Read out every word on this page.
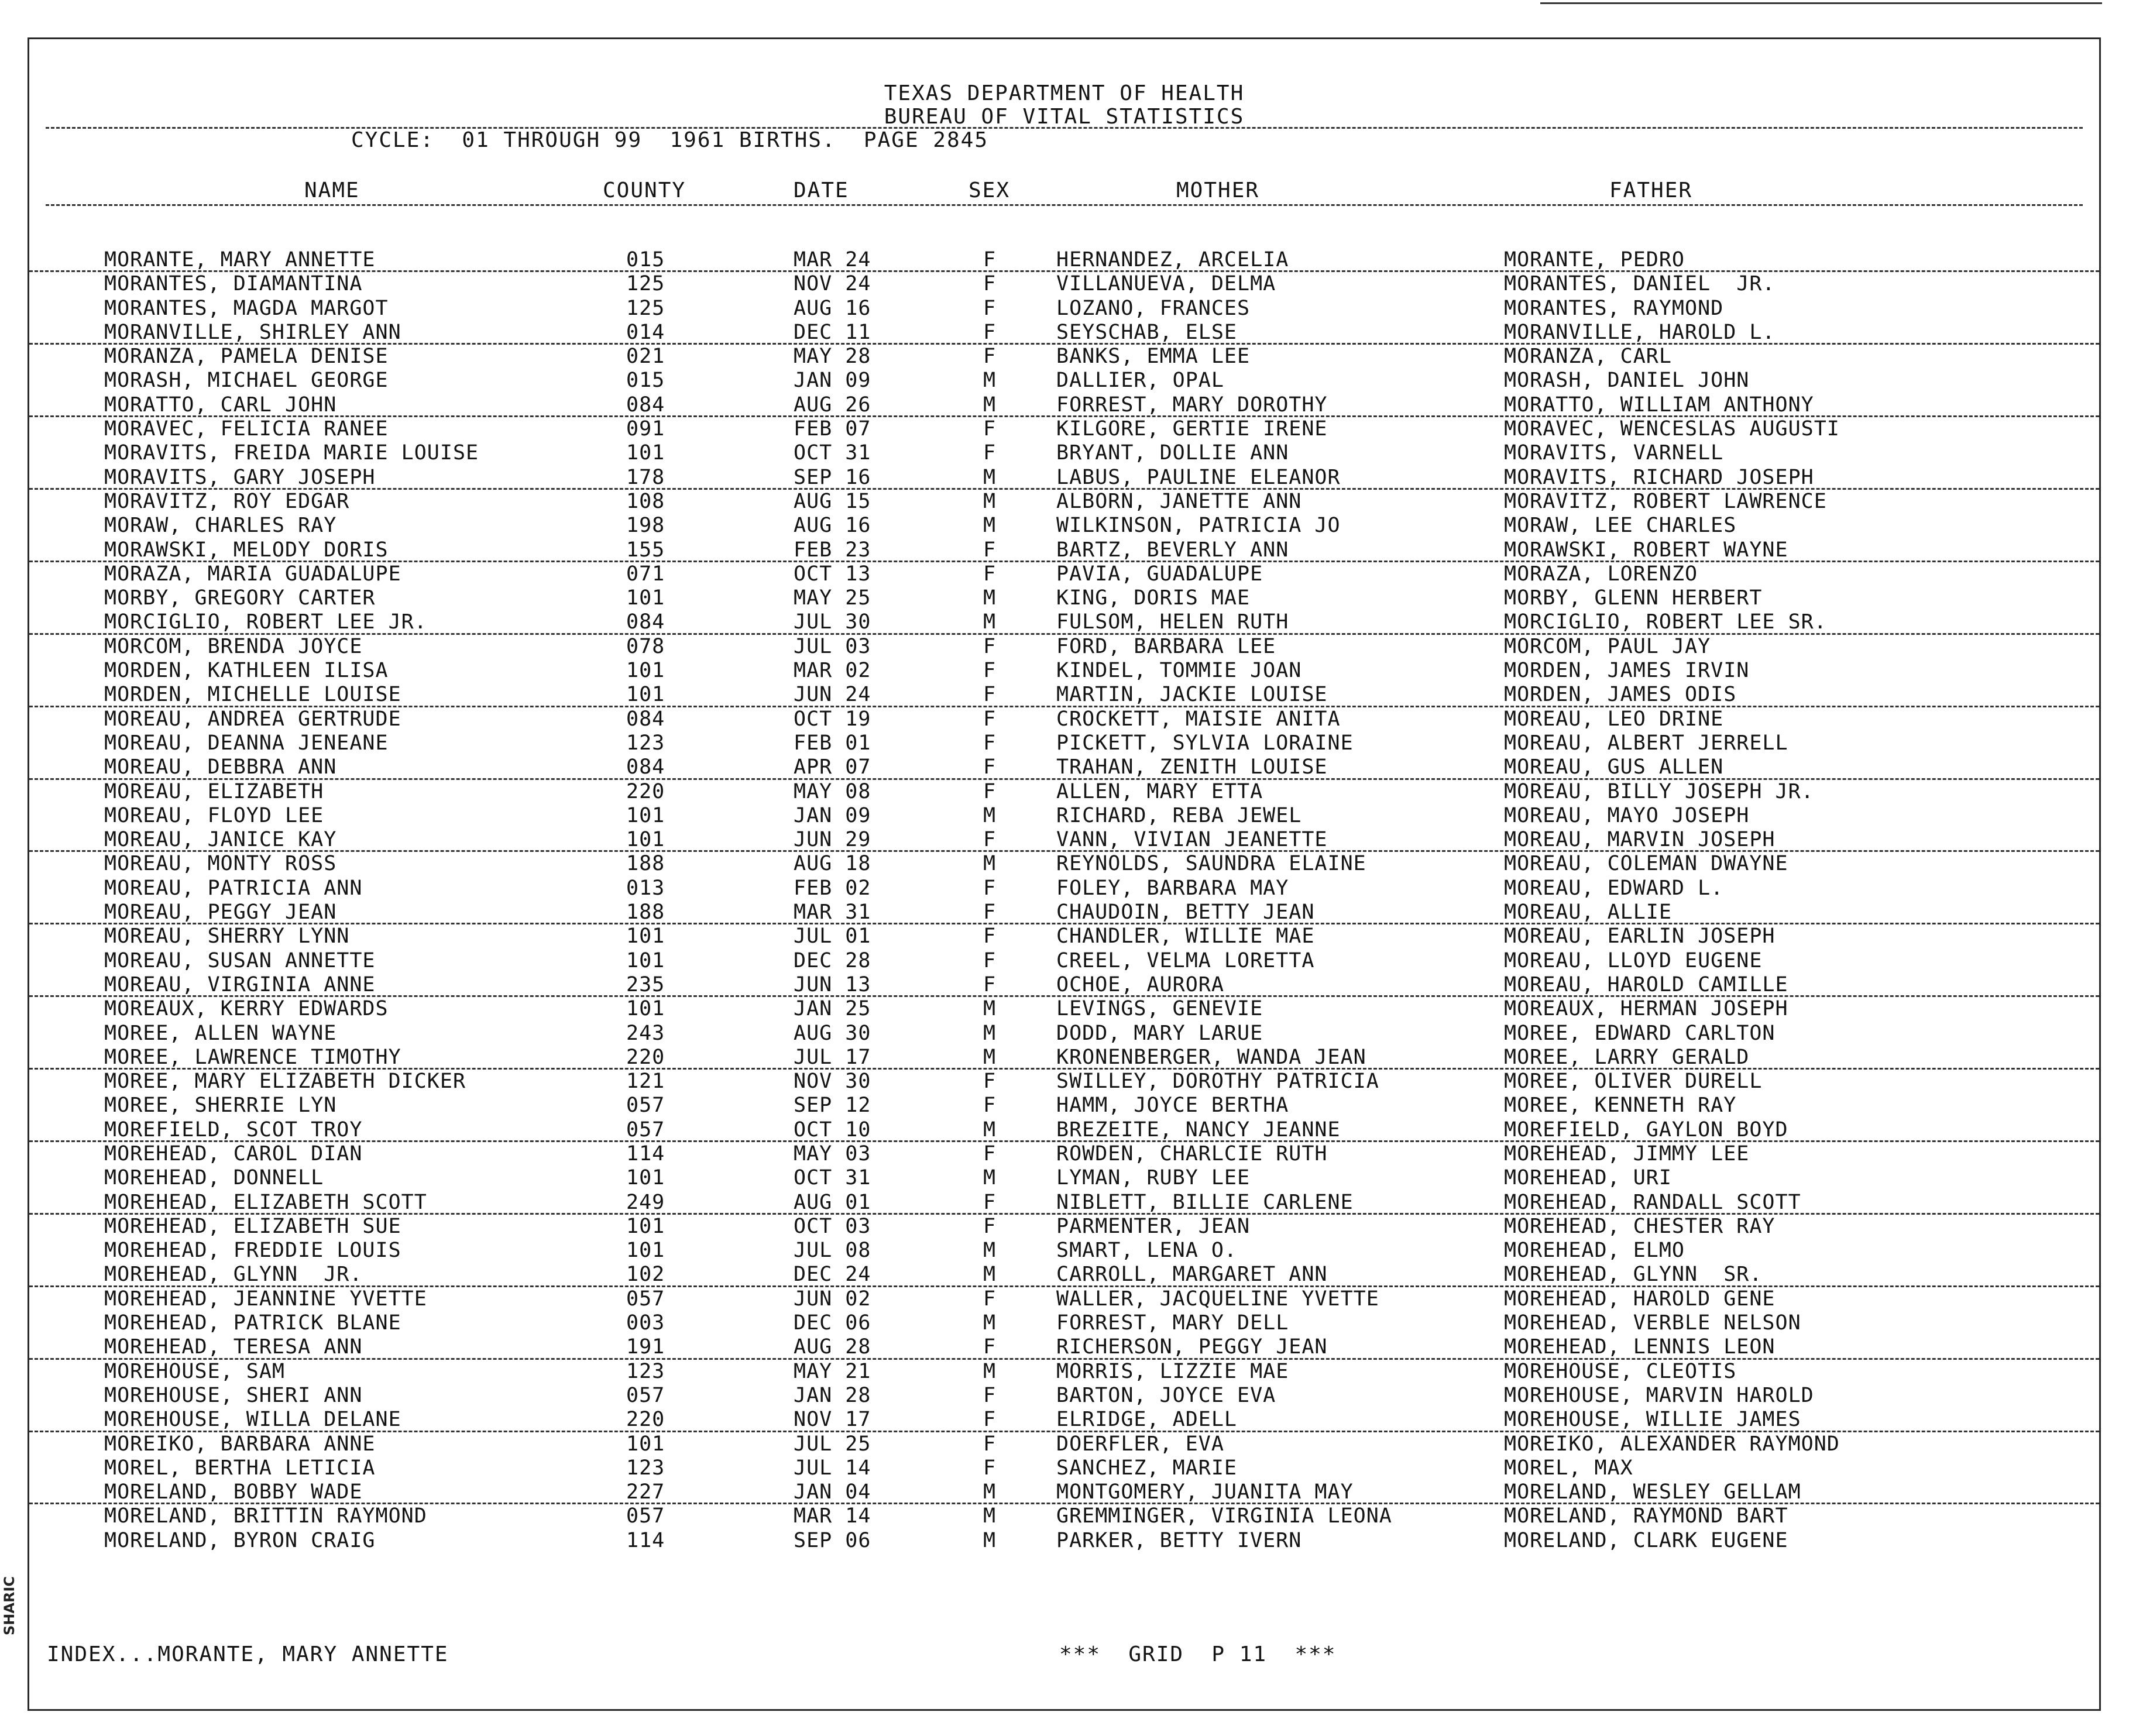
TEXAS DEPARTMENT OF HEALTH
BUREAU OF VITAL STATISTICS
CYCLE:  01 THROUGH 99  1961 BIRTHS.  PAGE 2845
NAME	COUNTY	DATE	SEX	MOTHER	FATHER
MORANTE, MARY ANNETTE	015	MAR 24	F	HERNANDEZ, ARCELIA	MORANTE, PEDRO
MORANTES, DIAMANTINA	125	NOV 24	F	VILLANUEVA, DELMA	MORANTES, DANIEL  JR.
MORANTES, MAGDA MARGOT	125	AUG 16	F	LOZANO, FRANCES	MORANTES, RAYMOND
MORANVILLE, SHIRLEY ANN	014	DEC 11	F	SEYSCHAB, ELSE	MORANVILLE, HAROLD L.
MORANZA, PAMELA DENISE	021	MAY 28	F	BANKS, EMMA LEE	MORANZA, CARL
MORASH, MICHAEL GEORGE	015	JAN 09	M	DALLIER, OPAL	MORASH, DANIEL JOHN
MORATTO, CARL JOHN	084	AUG 26	M	FORREST, MARY DOROTHY	MORATTO, WILLIAM ANTHONY
MORAVEC, FELICIA RANEE	091	FEB 07	F	KILGORE, GERTIE IRENE	MORAVEC, WENCESLAS AUGUSTI
MORAVITS, FREIDA MARIE LOUISE	101	OCT 31	F	BRYANT, DOLLIE ANN	MORAVITS, VARNELL
MORAVITS, GARY JOSEPH	178	SEP 16	M	LABUS, PAULINE ELEANOR	MORAVITS, RICHARD JOSEPH
MORAVITZ, ROY EDGAR	108	AUG 15	M	ALBORN, JANETTE ANN	MORAVITZ, ROBERT LAWRENCE
MORAW, CHARLES RAY	198	AUG 16	M	WILKINSON, PATRICIA JO	MORAW, LEE CHARLES
MORAWSKI, MELODY DORIS	155	FEB 23	F	BARTZ, BEVERLY ANN	MORAWSKI, ROBERT WAYNE
MORAZA, MARIA GUADALUPE	071	OCT 13	F	PAVIA, GUADALUPE	MORAZA, LORENZO
MORBY, GREGORY CARTER	101	MAY 25	M	KING, DORIS MAE	MORBY, GLENN HERBERT
MORCIGLIO, ROBERT LEE JR.	084	JUL 30	M	FULSOM, HELEN RUTH	MORCIGLIO, ROBERT LEE SR.
MORCOM, BRENDA JOYCE	078	JUL 03	F	FORD, BARBARA LEE	MORCOM, PAUL JAY
MORDEN, KATHLEEN ILISA	101	MAR 02	F	KINDEL, TOMMIE JOAN	MORDEN, JAMES IRVIN
MORDEN, MICHELLE LOUISE	101	JUN 24	F	MARTIN, JACKIE LOUISE	MORDEN, JAMES ODIS
MOREAU, ANDREA GERTRUDE	084	OCT 19	F	CROCKETT, MAISIE ANITA	MOREAU, LEO DRINE
MOREAU, DEANNA JENEANE	123	FEB 01	F	PICKETT, SYLVIA LORAINE	MOREAU, ALBERT JERRELL
MOREAU, DEBBRA ANN	084	APR 07	F	TRAHAN, ZENITH LOUISE	MOREAU, GUS ALLEN
MOREAU, ELIZABETH	220	MAY 08	F	ALLEN, MARY ETTA	MOREAU, BILLY JOSEPH JR.
MOREAU, FLOYD LEE	101	JAN 09	M	RICHARD, REBA JEWEL	MOREAU, MAYO JOSEPH
MOREAU, JANICE KAY	101	JUN 29	F	VANN, VIVIAN JEANETTE	MOREAU, MARVIN JOSEPH
MOREAU, MONTY ROSS	188	AUG 18	M	REYNOLDS, SAUNDRA ELAINE	MOREAU, COLEMAN DWAYNE
MOREAU, PATRICIA ANN	013	FEB 02	F	FOLEY, BARBARA MAY	MOREAU, EDWARD L.
MOREAU, PEGGY JEAN	188	MAR 31	F	CHAUDOIN, BETTY JEAN	MOREAU, ALLIE
MOREAU, SHERRY LYNN	101	JUL 01	F	CHANDLER, WILLIE MAE	MOREAU, EARLIN JOSEPH
MOREAU, SUSAN ANNETTE	101	DEC 28	F	CREEL, VELMA LORETTA	MOREAU, LLOYD EUGENE
MOREAU, VIRGINIA ANNE	235	JUN 13	F	OCHOE, AURORA	MOREAU, HAROLD CAMILLE
MOREAUX, KERRY EDWARDS	101	JAN 25	M	LEVINGS, GENEVIE	MOREAUX, HERMAN JOSEPH
MOREE, ALLEN WAYNE	243	AUG 30	M	DODD, MARY LARUE	MOREE, EDWARD CARLTON
MOREE, LAWRENCE TIMOTHY	220	JUL 17	M	KRONENBERGER, WANDA JEAN	MOREE, LARRY GERALD
MOREE, MARY ELIZABETH DICKER	121	NOV 30	F	SWILLEY, DOROTHY PATRICIA	MOREE, OLIVER DURELL
MOREE, SHERRIE LYN	057	SEP 12	F	HAMM, JOYCE BERTHA	MOREE, KENNETH RAY
MOREFIELD, SCOT TROY	057	OCT 10	M	BREZEITE, NANCY JEANNE	MOREFIELD, GAYLON BOYD
MOREHEAD, CAROL DIAN	114	MAY 03	F	ROWDEN, CHARLCIE RUTH	MOREHEAD, JIMMY LEE
MOREHEAD, DONNELL	101	OCT 31	M	LYMAN, RUBY LEE	MOREHEAD, URI
MOREHEAD, ELIZABETH SCOTT	249	AUG 01	F	NIBLETT, BILLIE CARLENE	MOREHEAD, RANDALL SCOTT
MOREHEAD, ELIZABETH SUE	101	OCT 03	F	PARMENTER, JEAN	MOREHEAD, CHESTER RAY
MOREHEAD, FREDDIE LOUIS	101	JUL 08	M	SMART, LENA O.	MOREHEAD, ELMO
MOREHEAD, GLYNN  JR.	102	DEC 24	M	CARROLL, MARGARET ANN	MOREHEAD, GLYNN  SR.
MOREHEAD, JEANNINE YVETTE	057	JUN 02	F	WALLER, JACQUELINE YVETTE	MOREHEAD, HAROLD GENE
MOREHEAD, PATRICK BLANE	003	DEC 06	M	FORREST, MARY DELL	MOREHEAD, VERBLE NELSON
MOREHEAD, TERESA ANN	191	AUG 28	F	RICHERSON, PEGGY JEAN	MOREHEAD, LENNIS LEON
MOREHOUSE, SAM	123	MAY 21	M	MORRIS, LIZZIE MAE	MOREHOUSE, CLEOTIS
MOREHOUSE, SHERI ANN	057	JAN 28	F	BARTON, JOYCE EVA	MOREHOUSE, MARVIN HAROLD
MOREHOUSE, WILLA DELANE	220	NOV 17	F	ELRIDGE, ADELL	MOREHOUSE, WILLIE JAMES
MOREIKO, BARBARA ANNE	101	JUL 25	F	DOERFLER, EVA	MOREIKO, ALEXANDER RAYMOND
MOREL, BERTHA LETICIA	123	JUL 14	F	SANCHEZ, MARIE	MOREL, MAX
MORELAND, BOBBY WADE	227	JAN 04	M	MONTGOMERY, JUANITA MAY	MORELAND, WESLEY GELLAM
MORELAND, BRITTIN RAYMOND	057	MAR 14	M	GREMMINGER, VIRGINIA LEONA	MORELAND, RAYMOND BART
MORELAND, BYRON CRAIG	114	SEP 06	M	PARKER, BETTY IVERN	MORELAND, CLARK EUGENE
INDEX...MORANTE, MARY ANNETTE	***  GRID  P 11  ***
SHARIC
